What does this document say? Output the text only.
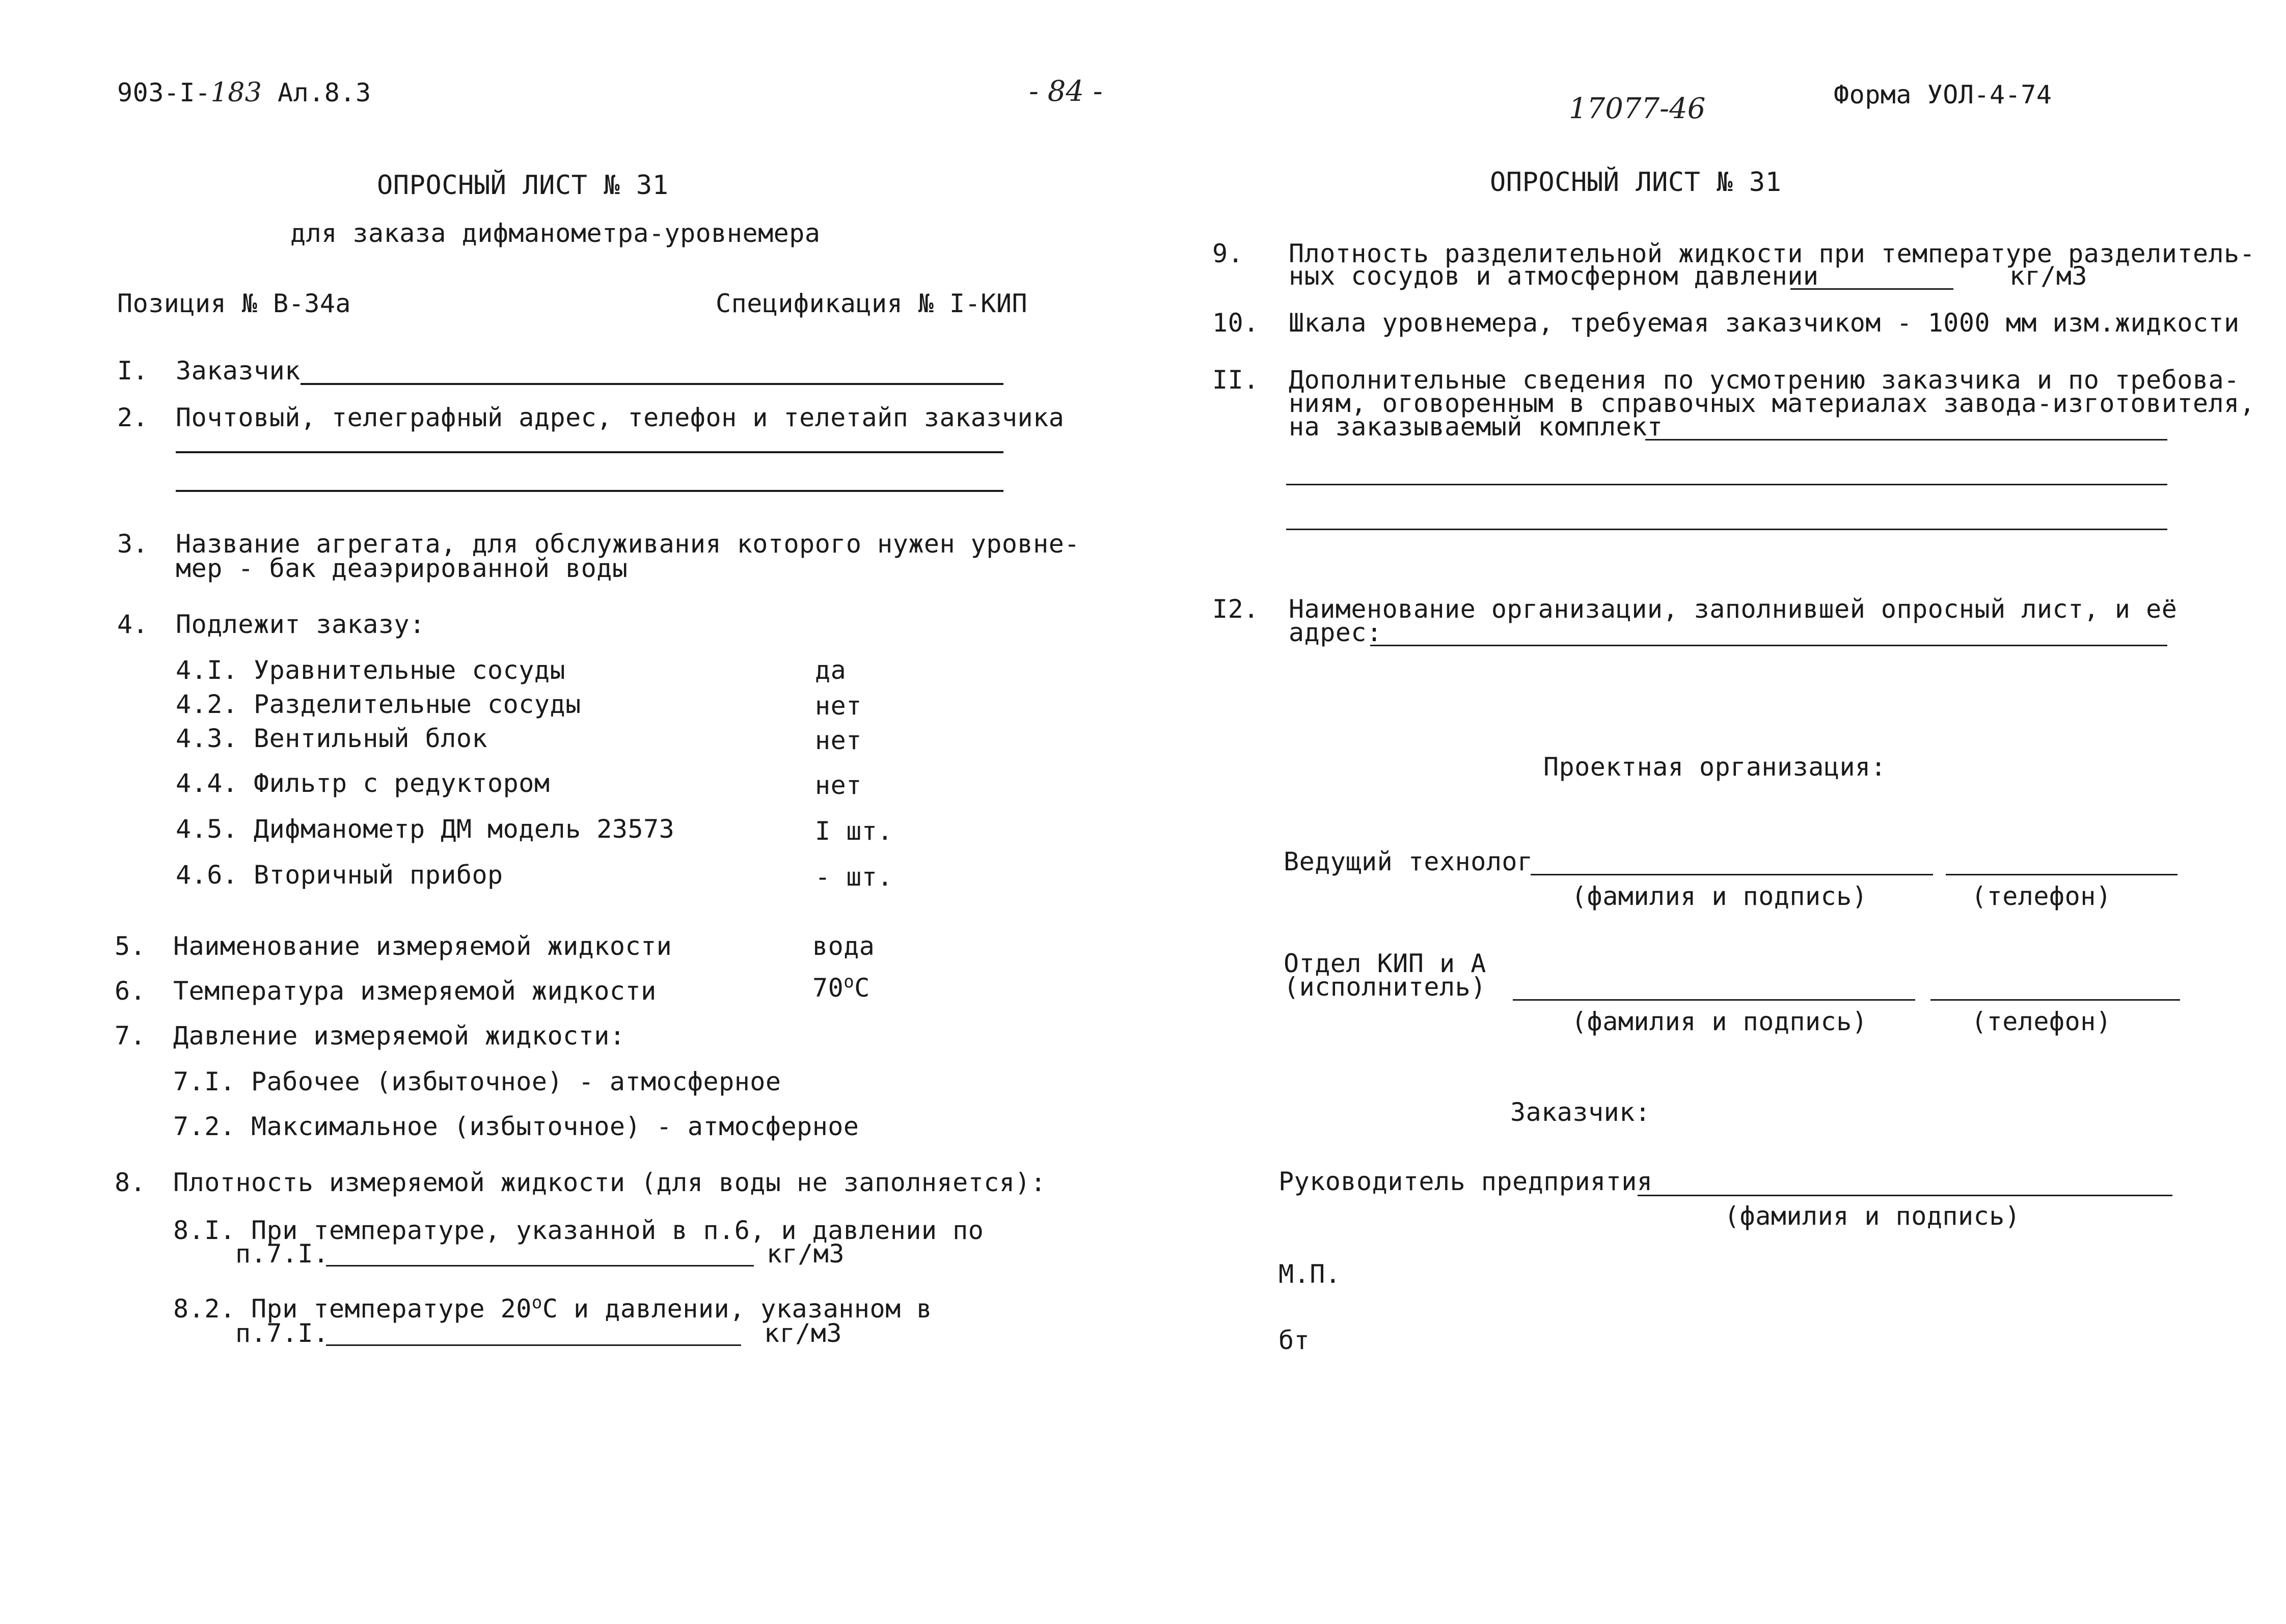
903-I-183 Ал.8.3	- 84 -
17077-46	Форма УОЛ-4-74
ОПРОСНЫЙ ЛИСТ № 31
для заказа дифманометра-уровнемера
Позиция № В-34а	Спецификация № I-КИП
I. Заказчик
2. Почтовый, телеграфный адрес, телефон и телетайп заказчика
3. Название агрегата, для обслуживания которого нужен уровне-
мер - бак деаэрированной воды
4. Подлежит заказу:
4.I. Уравнительные сосуды	да
4.2. Разделительные сосуды	нет
4.3. Вентильный блок	нет
4.4. Фильтр с редуктором	нет
4.5. Дифманометр ДМ модель 23573	I шт.
4.6. Вторичный прибор	- шт.
5. Наименование измеряемой жидкости	вода
6. Температура измеряемой жидкости	$70^оС$
7. Давление измеряемой жидкости:
7.I. Рабочее (избыточное) - атмосферное
7.2. Максимальное (избыточное) - атмосферное
8. Плотность измеряемой жидкости (для воды не заполняется):
8.I. При температуре, указанной в п.6, и давлении по
п.7.I.	кг/м3
8.2. При температуре $20^оС$ и давлении, указанном в
п.7.I.	кг/м3
ОПРОСНЫЙ ЛИСТ № 31
9. Плотность разделительной жидкости при температуре разделитель-
ных сосудов и атмосферном давлении	кг/м3
10. Шкала уровнемера, требуемая заказчиком - 1000 мм изм.жидкости
II. Дополнительные сведения по усмотрению заказчика и по требова-
ниям, оговоренным в справочных материалах завода-изготовителя,
на заказываемый комплект
I2. Наименование организации, заполнившей опросный лист, и её
адрес:
Проектная организация:
Ведущий технолог
(фамилия и подпись)	(телефон)
Отдел КИП и А
(исполнитель)
(фамилия и подпись)	(телефон)
Заказчик:
Руководитель предприятия
(фамилия и подпись)
М.П.
бт
